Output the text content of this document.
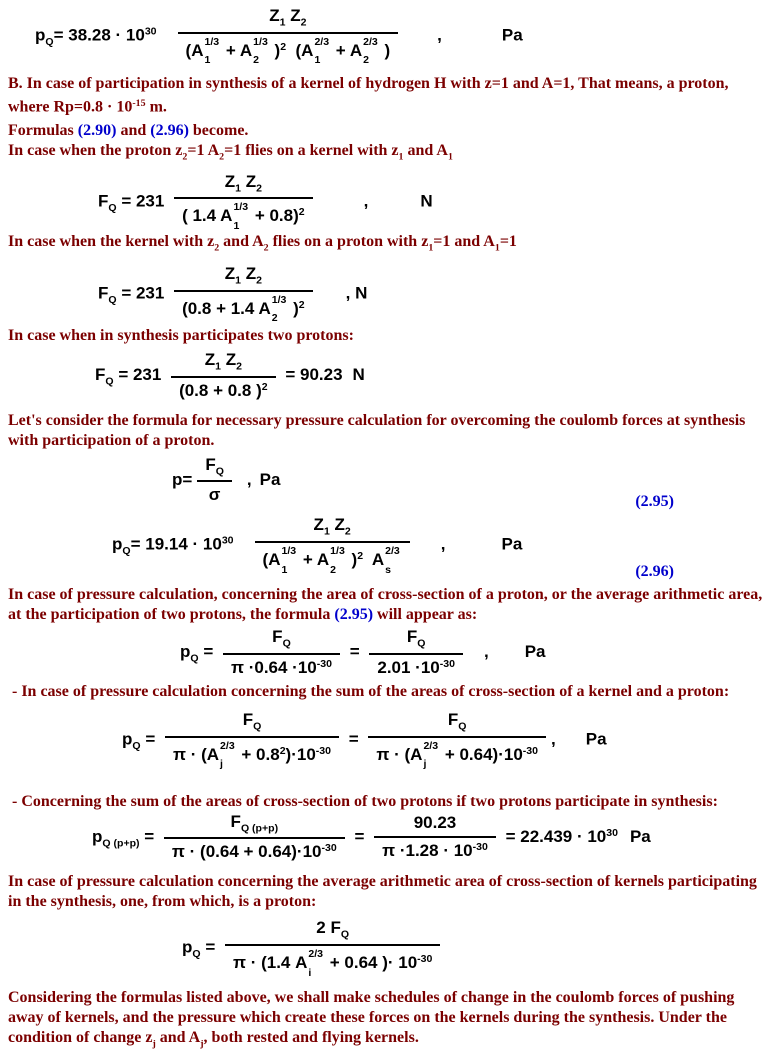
$p_Q= 38.28 \cdot 10^{30}$ $Z_1$ $Z_2$
(A 1/3
1
+ A 1/3
2
)$^2$  (A 2/3
1
+ A 2/3
2
) ,	Pa

B. In case of participation in synthesis of a kernel of hydrogen H with z=1 and A=1, That means, a proton, where $Rp=0.8 \cdot 10^{-15}$ m.

Formulas (2.90) and (2.96) become.

In case when the proton $z_2=1$ $A_2=1$ flies on a kernel with $z_1$ and $A_1$

$F_Q = 231$ $Z_1$ $Z_2$
( 1.4 A 1/3
1
+ 0.8)$^2$	,	N

In case when the kernel with $z_2$ and $A_2$ flies on a proton with $z_1=1$ and $A_1=1$

$F_Q = 231$ $Z_1$ $Z_2$
(0.8 + 1.4 A 1/3
2
)$^2$ , N

In case when in synthesis participates two protons:

$F_Q = 231 \frac{Z_1 Z_2}{(0.8 + 0.8 )^2} = 90.23$ N

Let's consider the formula for necessary pressure calculation for overcoming the coulomb forces at synthesis with participation of a proton.

$p= \frac{F_Q}{\sigma}$ , Pa
(2.95)
$p_Q= 19.14 \cdot 10^{30}$ $Z_1$ $Z_2$
(A 1/3
1
+ A 1/3
2
)$^2$  A 2/3
s ,	Pa
(2.96)

In case of pressure calculation, concerning the area of cross-section of a proton, or the average arithmetic area, at the participation of two protons, the formula (2.95) will appear as:

$p_Q = \frac{F_Q}{\pi \cdot 0.64 \cdot 10^{-30}} = \frac{F_Q}{2.01 \cdot 10^{-30}}$ , Pa

- In case of pressure calculation concerning the sum of the areas of cross-section of a kernel and a proton:

$p_Q = F_Q$
π · (A 2/3
j
+ $0.8^2)\cdot 10^{-30} = F_Q$
π · (A 2/3
j
+ $0.64)\cdot 10^{-30}$ , Pa

- Concerning the sum of the areas of cross-section of two protons if two protons participate in synthesis:

$p_{Q (p+p)} = \frac{F_{Q (p+p)}}{\pi \cdot (0.64 + 0.64)\cdot 10^{-30}} = \frac{90.23}{\pi \cdot 1.28 \cdot 10^{-30}} = 22.439 \cdot 10^{30}$ Pa

In case of pressure calculation concerning the average arithmetic area of cross-section of kernels participating in the synthesis, one, from which, is a proton:

$p_Q = 2$ $F_Q$
π · (1.4 A 2/3
i
+ 0.64 )· $10^{-30}$

Considering the formulas listed above, we shall make schedules of change in the coulomb forces of pushing away of kernels, and the pressure which create these forces on the kernels during the synthesis. Under the condition of change $z_j$ and $A_j$, both rested and flying kernels.
